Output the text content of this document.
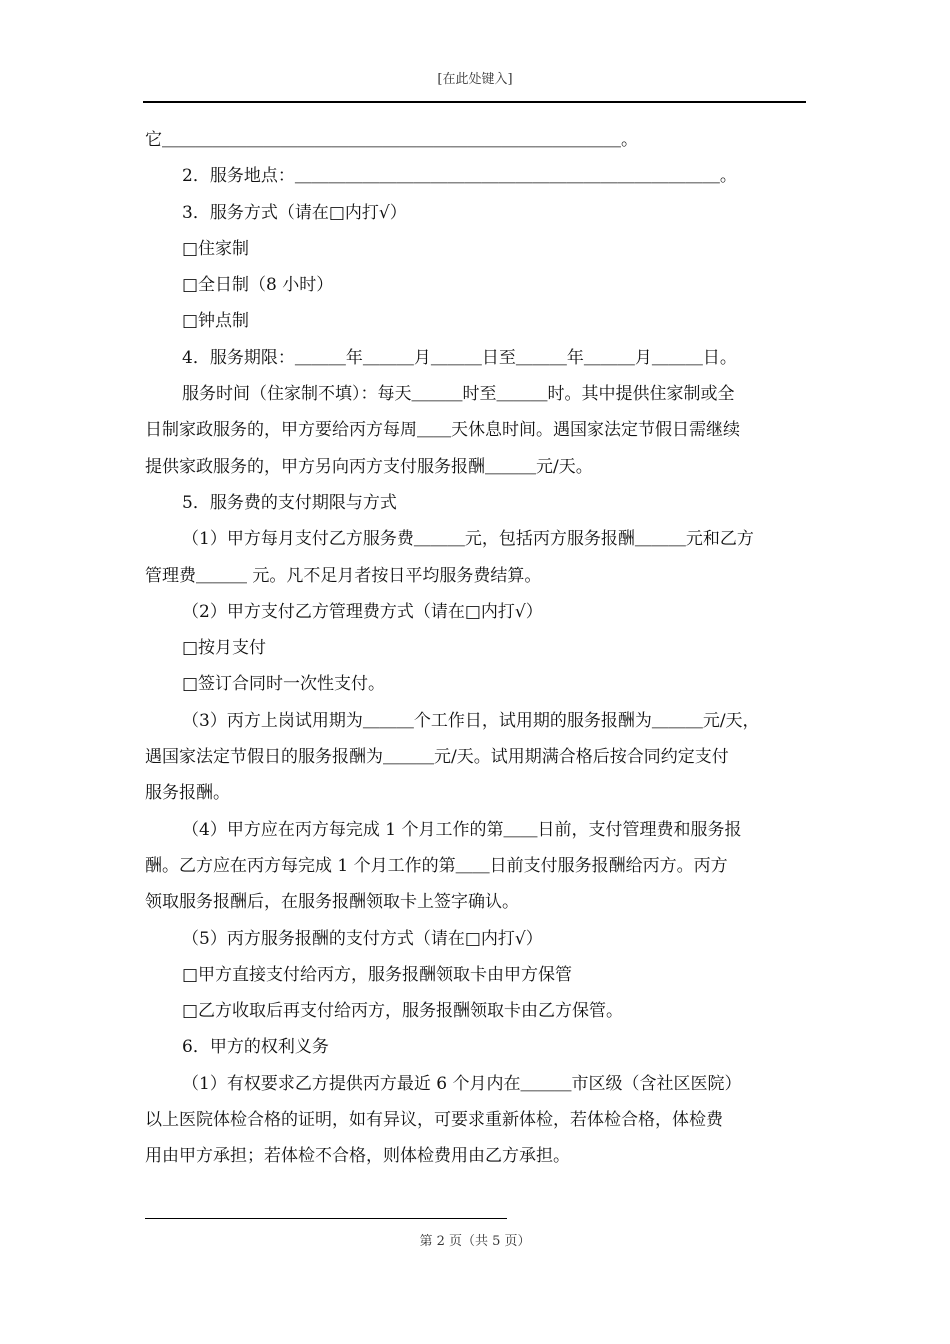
[在此处键入]
它＿＿＿＿＿＿＿＿＿＿＿＿＿＿＿＿＿＿＿＿＿＿＿＿＿＿＿。
2．服务地点：＿＿＿＿＿＿＿＿＿＿＿＿＿＿＿＿＿＿＿＿＿＿＿＿＿。
3．服务方式（请在□内打√）
□住家制
□全日制（8 小时）
□钟点制
4．服务期限：＿＿＿年＿＿＿月＿＿＿日至＿＿＿年＿＿＿月＿＿＿日。
服务时间（住家制不填）：每天＿＿＿时至＿＿＿时。其中提供住家制或全
日制家政服务的，甲方要给丙方每周＿＿天休息时间。遇国家法定节假日需继续
提供家政服务的，甲方另向丙方支付服务报酬＿＿＿元/天。
5．服务费的支付期限与方式
（1）甲方每月支付乙方服务费＿＿＿元，包括丙方服务报酬＿＿＿元和乙方
管理费＿＿＿ 元。凡不足月者按日平均服务费结算。
（2）甲方支付乙方管理费方式（请在□内打√）
□按月支付
□签订合同时一次性支付。
（3）丙方上岗试用期为＿＿＿个工作日，试用期的服务报酬为＿＿＿元/天，
遇国家法定节假日的服务报酬为＿＿＿元/天。试用期满合格后按合同约定支付
服务报酬。
（4）甲方应在丙方每完成 1 个月工作的第＿＿日前，支付管理费和服务报
酬。乙方应在丙方每完成 1 个月工作的第＿＿日前支付服务报酬给丙方。丙方
领取服务报酬后，在服务报酬领取卡上签字确认。
（5）丙方服务报酬的支付方式（请在□内打√）
□甲方直接支付给丙方，服务报酬领取卡由甲方保管
□乙方收取后再支付给丙方，服务报酬领取卡由乙方保管。
6．甲方的权利义务
（1）有权要求乙方提供丙方最近 6 个月内在＿＿＿市区级（含社区医院）
以上医院体检合格的证明，如有异议，可要求重新体检，若体检合格，体检费
用由甲方承担；若体检不合格，则体检费用由乙方承担。
第 2 页（共 5 页）
